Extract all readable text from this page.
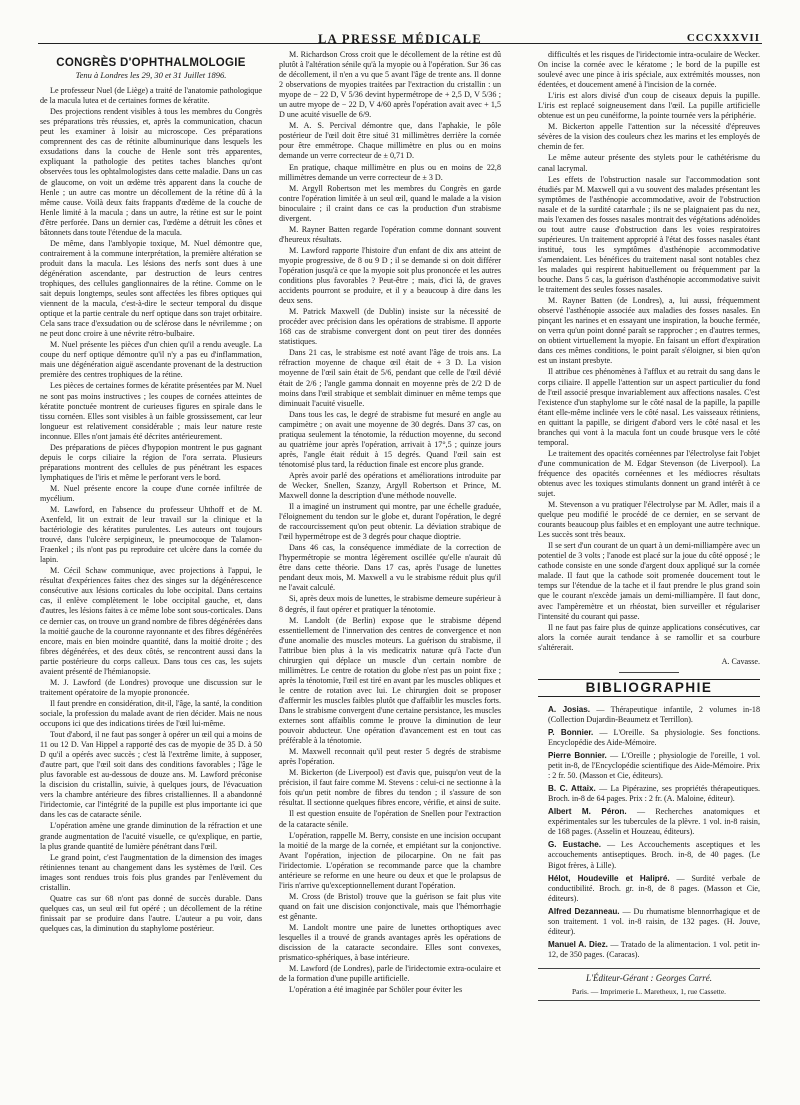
LA PRESSE MÉDICALE	CCCXXXVII
CONGRÈS D'OPHTHALMOLOGIE
Tenu à Londres les 29, 30 et 31 Juillet 1896.

Le professeur Nuel (de Liège) a traité de l'anatomie pathologique de la macula lutea et de certaines formes de kératite.

Des projections rendent visibles à tous les membres du Congrès ses préparations très réussies, et, après la communication, chacun peut les examiner à loisir au microscope. Ces préparations comprennent des cas de rétinite albuminurique dans lesquels les exsudations dans la couche de Henle sont très apparentes, expliquant la pathologie des petites taches blanches qu'ont observées tous les ophtalmologistes dans cette maladie. Dans un cas de glaucome, on voit un œdème très apparent dans la couche de Henle ; un autre cas montre un décollement de la rétine dû à la même cause. Voilà deux faits frappants d'œdème de la couche de Henle limité à la macula ; dans un autre, la rétine est sur le point d'être perforée. Dans un dernier cas, l'œdème a détruit les cônes et bâtonnets dans toute l'étendue de la macula.

De même, dans l'amblyopie toxique, M. Nuel démontre que, contrairement à la commune interprétation, la première altération se produit dans la macula. Les lésions des nerfs sont dues à une dégénération ascendante, par destruction de leurs centres trophiques, des cellules ganglionnaires de la rétine. Comme on le sait depuis longtemps, seules sont affectées les fibres optiques qui viennent de la macula, c'est-à-dire le secteur temporal du disque optique et la partie centrale du nerf optique dans son trajet orbitaire. Cela sans trace d'exsudation ou de sclérose dans le névrilemme ; on ne peut donc croire à une névrite rétro-bulbaire.

M. Nuel présente les pièces d'un chien qu'il a rendu aveugle. La coupe du nerf optique démontre qu'il n'y a pas eu d'inflammation, mais une dégénération aiguë ascendante provenant de la destruction première des centres trophiques de la rétine.

Les pièces de certaines formes de kératite présentées par M. Nuel ne sont pas moins instructives ; les coupes de cornées atteintes de kératite ponctuée montrent de curieuses figures en spirale dans le tissu cornéen. Elles sont visibles à un faible grossissement, car leur longueur est relativement considérable ; mais leur nature reste inconnue. Elles n'ont jamais été décrites antérieurement.

Des préparations de pièces d'hypopion montrent le pus gagnant depuis le corps ciliaire la région de l'ora serrata. Plusieurs préparations montrent des cellules de pus pénétrant les espaces lymphatiques de l'iris et même le perforant vers le bord.

M. Nuel présente encore la coupe d'une cornée infiltrée de mycélium.

M. Lawford, en l'absence du professeur Uhthoff et de M. Axenfeld, lit un extrait de leur travail sur la clinique et la bactériologie des kératites purulentes. Les auteurs ont toujours trouvé, dans l'ulcère serpigineux, le pneumocoque de Talamon-Fraenkel ; ils n'ont pas pu reproduire cet ulcère dans la cornée du lapin.

M. Cécil Schaw communique, avec projections à l'appui, le résultat d'expériences faites chez des singes sur la dégénérescence consécutive aux lésions corticales du lobe occipital. Dans certains cas, il enlève complètement le lobe occipital gauche, et, dans d'autres, les lésions faites à ce même lobe sont sous-corticales. Dans ce dernier cas, on trouve un grand nombre de fibres dégénérées dans la moitié gauche de la couronne rayonnante et des fibres dégénérées encore, mais en bien moindre quantité, dans la moitié droite ; des fibres dégénérées, et des deux côtés, se rencontrent aussi dans la partie postérieure du corps calleux. Dans tous ces cas, les sujets avaient présenté de l'hémianopsie.

M. J. Lawford (de Londres) provoque une discussion sur le traitement opératoire de la myopie prononcée.

Il faut prendre en considération, dit-il, l'âge, la santé, la condition sociale, la profession du malade avant de rien décider. Mais ne nous occupons ici que des indications tirées de l'œil lui-même.

Tout d'abord, il ne faut pas songer à opérer un œil qui a moins de 11 ou 12 D. Van Hippel a rapporté des cas de myopie de 35 D. à 50 D qu'il a opérés avec succès ; c'est là l'extrême limite, à supposer, d'autre part, que l'œil soit dans des conditions favorables ; l'âge le plus favorable est au-dessous de douze ans. M. Lawford préconise la discision du cristallin, suivie, à quelques jours, de l'évacuation vers la chambre antérieure des fibres cristalliennes. Il a abandonné l'iridectomie, car l'intégrité de la pupille est plus importante ici que dans les cas de cataracte sénile.

L'opération amène une grande diminution de la réfraction et une grande augmentation de l'acuité visuelle, ce qu'explique, en partie, la plus grande quantité de lumière pénétrant dans l'œil.

Le grand point, c'est l'augmentation de la dimension des images rétiniennes tenant au changement dans les systèmes de l'œil. Ces images sont rendues trois fois plus grandes par l'enlèvement du cristallin.

Quatre cas sur 68 n'ont pas donné de succès durable. Dans quelques cas, un seul œil fut opéré ; un décollement de la rétine finissait par se produire dans l'autre. L'auteur a pu voir, dans quelques cas, la diminution du staphylome postérieur.

M. Richardson Cross croit que le décollement de la rétine est dû plutôt à l'altération sénile qu'à la myopie ou à l'opération. Sur 36 cas de décollement, il n'en a vu que 5 avant l'âge de trente ans. Il donne 2 observations de myopies traitées par l'extraction du cristallin : un myope de − 22 D, V 5/36 devint hypermétrope de + 2,5 D, V 5/36 ; un autre myope de − 22 D, V 4/60 après l'opération avait avec + 1,5 D une acuité visuelle de 6/9.

M. A. S. Percival démontre que, dans l'aphakie, le pôle postérieur de l'œil doit être situé 31 millimètres derrière la cornée pour être emmétrope. Chaque millimètre en plus ou en moins demande un verre correcteur de ± 0,71 D.

En pratique, chaque millimètre en plus ou en moins de 22,8 millimètres demande un verre correcteur de ± 3 D.

M. Argyll Robertson met les membres du Congrès en garde contre l'opération limitée à un seul œil, quand le malade a la vision binoculaire ; il craint dans ce cas la production d'un strabisme divergent.

M. Rayner Batten regarde l'opération comme donnant souvent d'heureux résultats.

M. Lawford rapporte l'histoire d'un enfant de dix ans atteint de myopie progressive, de 8 ou 9 D ; il se demande si on doit différer l'opération jusqu'à ce que la myopie soit plus prononcée et les autres conditions plus favorables ? Peut-être ; mais, d'ici là, de graves accidents pourront se produire, et il y a beaucoup à dire dans les deux sens.

M. Patrick Maxwell (de Dublin) insiste sur la nécessité de procéder avec précision dans les opérations de strabisme. Il apporte 168 cas de strabisme convergent dont on peut tirer des données statistiques.

Dans 21 cas, le strabisme est noté avant l'âge de trois ans. La réfraction moyenne de chaque œil était de + 3 D. La vision moyenne de l'œil sain était de 5/6, pendant que celle de l'œil dévié était de 2/6 ; l'angle gamma donnait en moyenne près de 2/2 D de moins dans l'œil strabique et semblait diminuer en même temps que diminuait l'acuité visuelle.

Dans tous les cas, le degré de strabisme fut mesuré en angle au campimètre ; on avait une moyenne de 30 degrés. Dans 37 cas, on pratiqua seulement la ténotomie, la réduction moyenne, du second au quatrième jour après l'opération, arrivait à 17°,5 ; quinze jours après, l'angle était réduit à 15 degrés. Quand l'œil sain est ténotomisé plus tard, la réduction finale est encore plus grande.

Après avoir parlé des opérations et améliorations introduite par de Wecker, Snellen, Szanzy, Argyll Robertson et Prince, M. Maxwell donne la description d'une méthode nouvelle.

Il a imaginé un instrument qui montre, par une échelle graduée, l'éloignement du tendon sur le globe et, durant l'opération, le degré de raccourcissement qu'on peut obtenir. La déviation strabique de l'œil hypermétrope est de 3 degrés pour chaque dioptrie.

Dans 46 cas, la conséquence immédiate de la correction de l'hypermétropie se montra légèrement oscillée qu'elle n'aurait dû être dans cette théorie. Dans 17 cas, après l'usage de lunettes pendant deux mois, M. Maxwell a vu le strabisme réduit plus qu'il ne l'avait calculé.

Si, après deux mois de lunettes, le strabisme demeure supérieur à 8 degrés, il faut opérer et pratiquer la ténotomie.

M. Landolt (de Berlin) expose que le strabisme dépend essentiellement de l'innervation des centres de convergence et non d'une anomalie des muscles moteurs. La guérison du strabisme, il l'attribue bien plus à la vis medicatrix naturæ qu'à l'acte d'un chirurgien qui déplace un muscle d'un certain nombre de millimètres. Le centre de rotation du globe n'est pas un point fixe ; après la ténotomie, l'œil est tiré en avant par les muscles obliques et le centre de rotation avec lui. Le chirurgien doit se proposer d'affermir les muscles faibles plutôt que d'affaiblir les muscles forts. Dans le strabisme convergent d'une certaine persistance, les muscles externes sont affaiblis comme le prouve la diminution de leur pouvoir abducteur. Une opération d'avancement est en tout cas préférable à la ténotomie.

M. Maxwell reconnait qu'il peut rester 5 degrés de strabisme après l'opération.

M. Bickerton (de Liverpool) est d'avis que, puisqu'on veut de la précision, il faut faire comme M. Stevens : celui-ci ne sectionne à la fois qu'un petit nombre de fibres du tendon ; il s'assure de son résultat. Il sectionne quelques fibres encore, vérifie, et ainsi de suite.

Il est question ensuite de l'opération de Snellen pour l'extraction de la cataracte sénile.

L'opération, rappelle M. Berry, consiste en une incision occupant la moitié de la marge de la cornée, et empiétant sur la conjonctive. Avant l'opération, injection de pilocarpine. On ne fait pas l'iridectomie. L'opération se recommande parce que la chambre antérieure se reforme en une heure ou deux et que le prolapsus de l'iris n'arrive qu'exceptionnellement durant l'opération.

M. Cross (de Bristol) trouve que la guérison se fait plus vite quand on fait une discision conjonctivale, mais que l'hémorrhagie est gênante.

M. Landolt montre une paire de lunettes orthoptiques avec lesquelles il a trouvé de grands avantages après les opérations de discission de la cataracte secondaire. Elles sont convexes, prismatico-sphériques, à base intérieure.

M. Lawford (de Londres), parle de l'iridectomie extra-oculaire et de la formation d'une pupille artificielle.

L'opération a été imaginée par Schöler pour éviter les

difficultés et les risques de l'iridectomie intra-oculaire de Wecker. On incise la cornée avec le kératome ; le bord de la pupille est soulevé avec une pince à iris spéciale, aux extrémités mousses, non édentées, et doucement amené à l'incision de la cornée.

L'iris est alors divisé d'un coup de ciseaux depuis la pupille. L'iris est replacé soigneusement dans l'œil. La pupille artificielle obtenue est un peu cunéiforme, la pointe tournée vers la périphérie.

M. Bickerton appelle l'attention sur la nécessité d'épreuves sévères de la vision des couleurs chez les marins et les employés de chemin de fer.

Le même auteur présente des stylets pour le cathétérisme du canal lacrymal.

Les effets de l'obstruction nasale sur l'accommodation sont étudiés par M. Maxwell qui a vu souvent des malades présentant les symptômes de l'asthénopie accommodative, avoir de l'obstruction nasale et de la surdité catarrhale ; ils ne se plaignaient pas du nez, mais l'examen des fosses nasales montrait des végétations adénoïdes ou tout autre cause d'obstruction dans les voies respiratoires supérieures. Un traitement approprié à l'état des fosses nasales étant institué, tous les symptômes d'asthénopie accommodative s'amendaient. Les bénéfices du traitement nasal sont notables chez les malades qui respirent habituellement ou fréquemment par la bouche. Dans 5 cas, la guérison d'asthénopie accommodative suivit le traitement des seules fosses nasales.

M. Rayner Batten (de Londres), a, lui aussi, fréquemment observé l'asthénopie associée aux maladies des fosses nasales. En pinçant les narines et en essayant une inspiration, la bouche fermée, on verra qu'un point donné paraît se rapprocher ; en d'autres termes, on obtient virtuellement la myopie. En faisant un effort d'expiration dans ces mêmes conditions, le point paraît s'éloigner, si bien qu'on est un instant presbyte.

Il attribue ces phénomènes à l'afflux et au retrait du sang dans le corps ciliaire. Il appelle l'attention sur un aspect particulier du fond de l'œil associé presque invariablement aux affections nasales. C'est l'existence d'un staphylome sur le côté nasal de la papille, la papille étant elle-même inclinée vers le côté nasal. Les vaisseaux rétiniens, en quittant la papille, se dirigent d'abord vers le côté nasal et les branches qui vont à la macula font un coude brusque vers le côté temporal.

Le traitement des opacités cornéennes par l'électrolyse fait l'objet d'une communication de M. Edgar Stevenson (de Liverpool). La fréquence des opacités cornéennes et les médiocres résultats obtenus avec les toxiques stimulants donnent un grand intérêt à ce sujet.

M. Stevenson a vu pratiquer l'électrolyse par M. Adler, mais il a quelque peu modifié le procédé de ce dernier, en se servant de courants beaucoup plus faibles et en employant une autre technique. Les succès sont très beaux.

Il se sert d'un courant de un quart à un demi-milliampère avec un potentiel de 3 volts ; l'anode est placé sur la joue du côté opposé ; le cathode consiste en une sonde d'argent doux appliqué sur la cornée malade. Il faut que la cathode soit promenée doucement tout le temps sur l'étendue de la tache et il faut prendre le plus grand soin que le courant n'excède jamais un demi-milliampère. Il faut donc, avec l'ampèremètre et un rhéostat, bien surveiller et régulariser l'intensité du courant qui passe.

Il ne faut pas faire plus de quinze applications consécutives, car alors la cornée aurait tendance à se ramollir et sa courbure s'altérerait.

A. Cavasse.
BIBLIOGRAPHIE

A. Josias. — Thérapeutique infantile, 2 volumes in-18 (Collection Dujardin-Beaumetz et Terrillon).

P. Bonnier. — L'Oreille. Sa physiologie. Ses fonctions. Encyclopédie des Aide-Mémoire.

Pierre Bonnier. — L'Oreille ; physiologie de l'oreille, 1 vol. petit in-8, de l'Encyclopédie scientifique des Aide-Mémoire. Prix : 2 fr. 50. (Masson et Cie, éditeurs).

B. C. Attaix. — La Pipérazine, ses propriétés thérapeutiques. Broch. in-8 de 64 pages. Prix : 2 fr. (A. Maloine, éditeur).

Albert M. Péron. — Recherches anatomiques et expérimentales sur les tubercules de la plèvre. 1 vol. in-8 raisin, de 168 pages. (Asselin et Houzeau, éditeurs).

G. Eustache. — Les Accouchements asceptiques et les accouchements antiseptiques. Broch. in-8, de 40 pages. (Le Bigot frères, à Lille).

Hélot, Houdeville et Halipré. — Surdité verbale de conductibilité. Broch. gr. in-8, de 8 pages. (Masson et Cie, éditeurs).

Alfred Dezanneau. — Du rhumatisme blennorrhagique et de son traitement. 1 vol. in-8 raisin, de 132 pages. (H. Jouve, éditeur).

Manuel A. Diez. — Tratado de la alimentacion. 1 vol. petit in-12, de 350 pages. (Caracas).

L'Éditeur-Gérant : Georges Carré.
Paris. — Imprimerie L. Maretheux, 1, rue Cassette.
